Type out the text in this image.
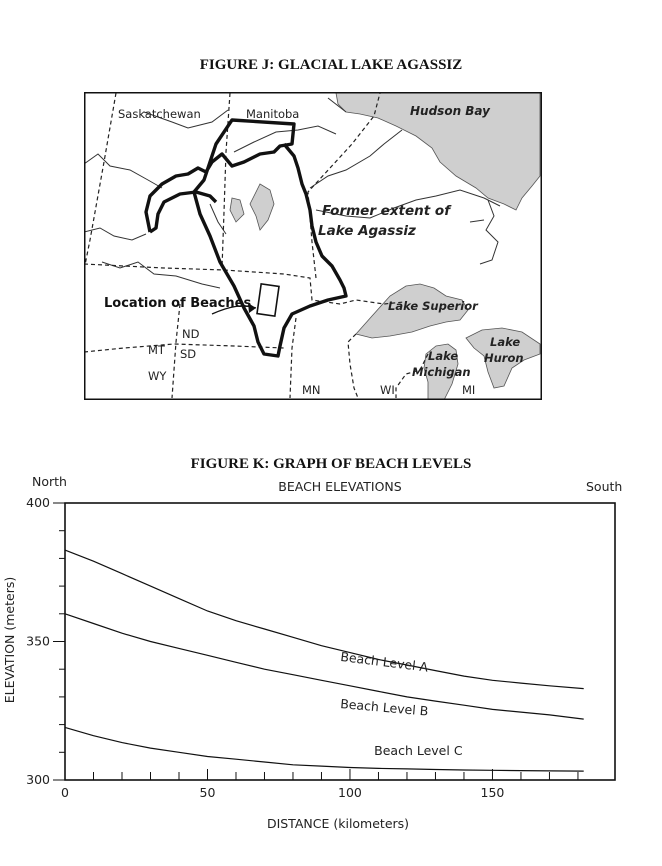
FIGURE J: GLACIAL LAKE AGASSIZ
Saskatchewan	Manitoba	Hudson Bay
Former extent of
Lake Agassiz
Location of Beaches	Lake Superior
Lake
Michigan
Lake
Huron
ND
SD
MT
WY
MN	WI	MI
FIGURE K: GRAPH OF BEACH LEVELS
North	South
BEACH ELEVATIONS
DISTANCE (kilometers)
ELEVATION (meters)
0	50	100	150
300
350
400
Beach Level A
Beach Level B
Beach Level C
